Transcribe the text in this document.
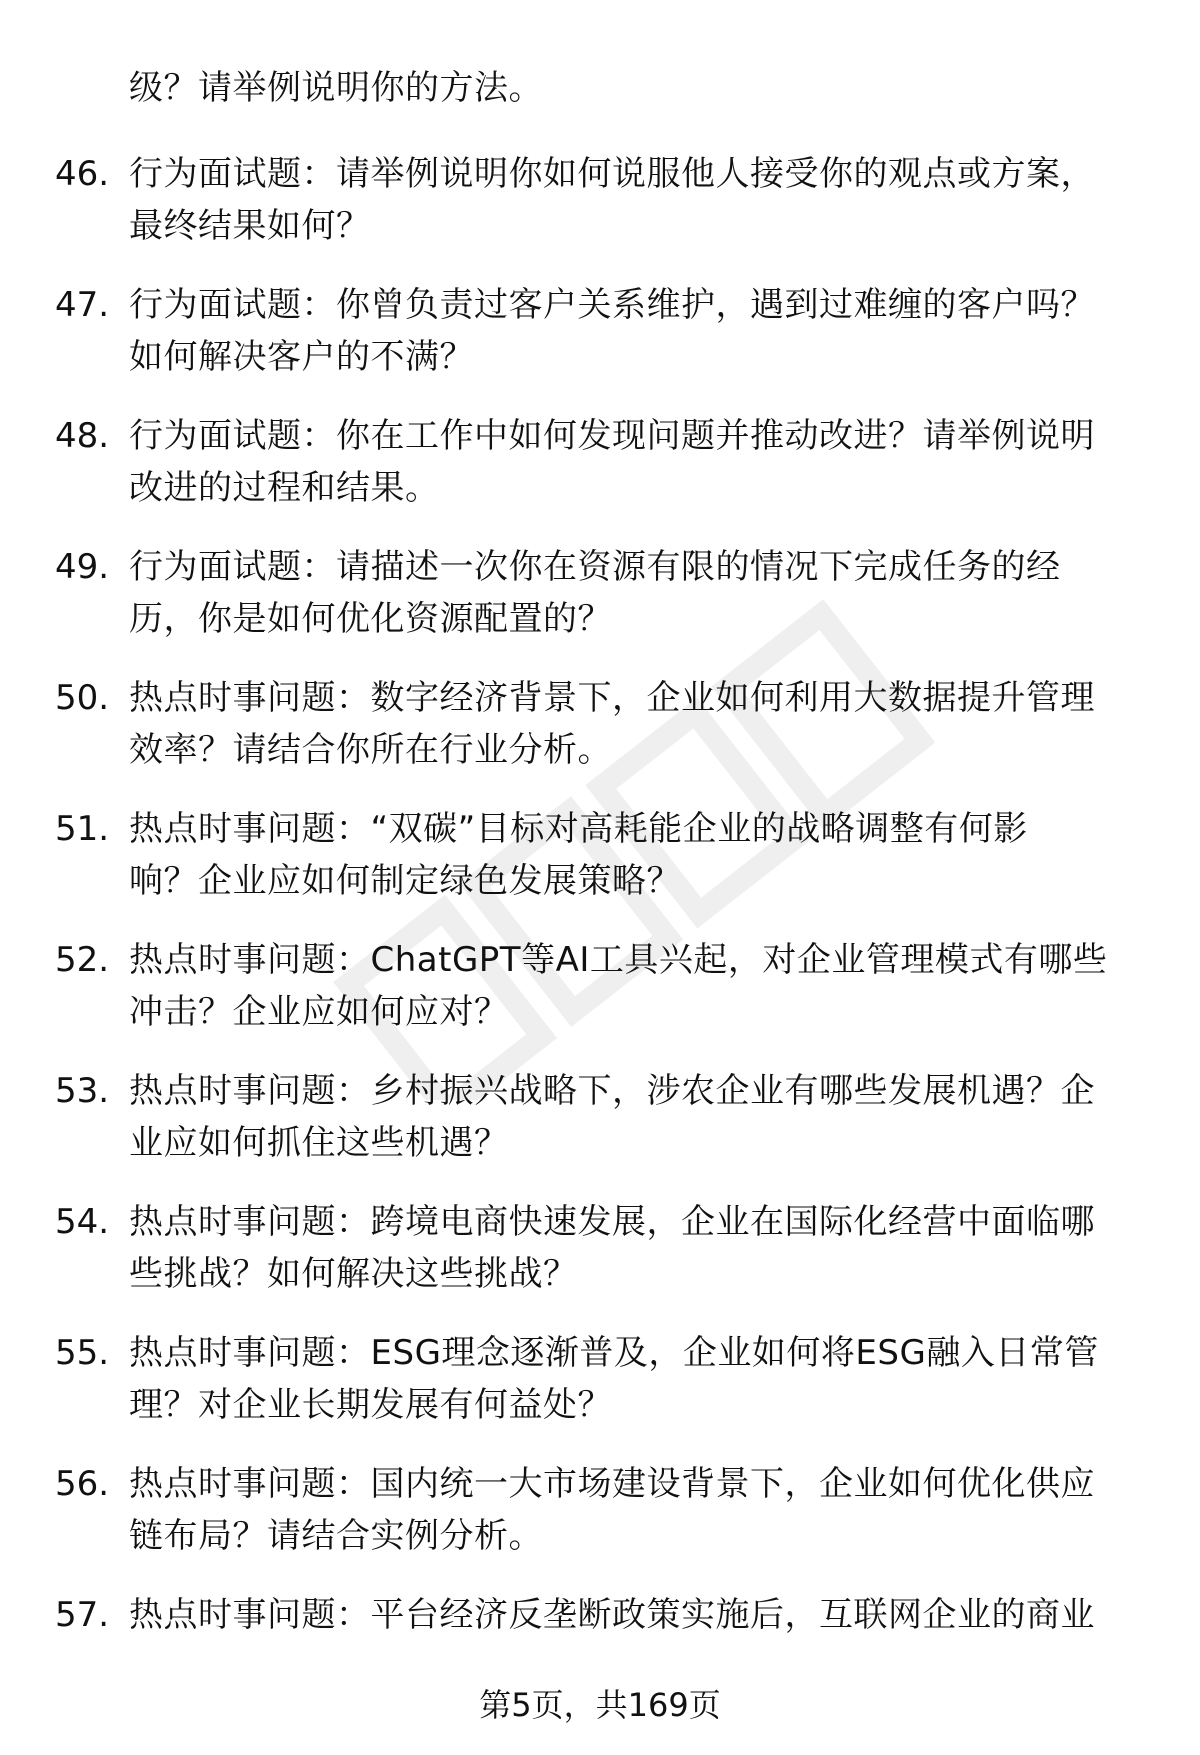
级？请举例说明你的方法。
46. 行为面试题：请举例说明你如何说服他人接受你的观点或方案，
最终结果如何？
47. 行为面试题：你曾负责过客户关系维护，遇到过难缠的客户吗？
如何解决客户的不满？
48. 行为面试题：你在工作中如何发现问题并推动改进？请举例说明
改进的过程和结果。
49. 行为面试题：请描述一次你在资源有限的情况下完成任务的经
历，你是如何优化资源配置的？
50. 热点时事问题：数字经济背景下，企业如何利用大数据提升管理
效率？请结合你所在行业分析。
51. 热点时事问题：“双碳”目标对高耗能企业的战略调整有何影
响？企业应如何制定绿色发展策略？
52. 热点时事问题：ChatGPT等AI工具兴起，对企业管理模式有哪些
冲击？企业应如何应对？
53. 热点时事问题：乡村振兴战略下，涉农企业有哪些发展机遇？企
业应如何抓住这些机遇？
54. 热点时事问题：跨境电商快速发展，企业在国际化经营中面临哪
些挑战？如何解决这些挑战？
55. 热点时事问题：ESG理念逐渐普及，企业如何将ESG融入日常管
理？对企业长期发展有何益处？
56. 热点时事问题：国内统一大市场建设背景下，企业如何优化供应
链布局？请结合实例分析。
57. 热点时事问题：平台经济反垄断政策实施后，互联网企业的商业
第5页，共169页
